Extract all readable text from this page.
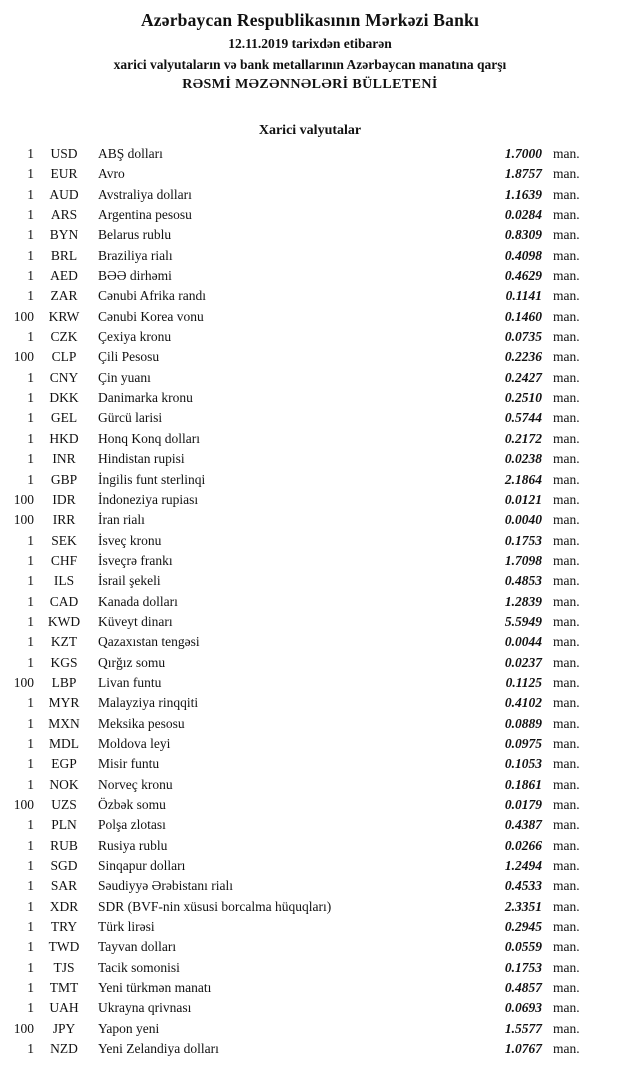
Azərbaycan Respublikasının Mərkəzi Bankı
12.11.2019 tarixdən etibarən
xarici valyutaların və bank metallarının Azərbaycan manatına qarşı
RƏSMİ MƏZƏNNƏLƏRİ BÜLLETENİ
Xarici valyutalar
1	USD	ABŞ dolları	1.7000 man.
1	EUR	Avro	1.8757 man.
1	AUD	Avstraliya dolları	1.1639 man.
1	ARS	Argentina pesosu	0.0284 man.
1	BYN	Belarus rublu	0.8309 man.
1	BRL	Braziliya rialı	0.4098 man.
1	AED	BƏƏ dirhəmi	0.4629 man.
1	ZAR	Cənubi Afrika randı	0.1141 man.
100	KRW	Cənubi Korea vonu	0.1460 man.
1	CZK	Çexiya kronu	0.0735 man.
100	CLP	Çili Pesosu	0.2236 man.
1	CNY	Çin yuanı	0.2427 man.
1	DKK	Danimarka kronu	0.2510 man.
1	GEL	Gürcü larisi	0.5744 man.
1	HKD	Honq Konq dolları	0.2172 man.
1	INR	Hindistan rupisi	0.0238 man.
1	GBP	İngilis funt sterlinqi	2.1864 man.
100	IDR	İndoneziya rupiası	0.0121 man.
100	IRR	İran rialı	0.0040 man.
1	SEK	İsveç kronu	0.1753 man.
1	CHF	İsveçrə frankı	1.7098 man.
1	ILS	İsrail şekeli	0.4853 man.
1	CAD	Kanada dolları	1.2839 man.
1	KWD	Küveyt dinarı	5.5949 man.
1	KZT	Qazaxıstan tengəsi	0.0044 man.
1	KGS	Qırğız somu	0.0237 man.
100	LBP	Livan funtu	0.1125 man.
1	MYR	Malayziya rinqqiti	0.4102 man.
1	MXN	Meksika pesosu	0.0889 man.
1	MDL	Moldova leyi	0.0975 man.
1	EGP	Misir funtu	0.1053 man.
1	NOK	Norveç kronu	0.1861 man.
100	UZS	Özbək somu	0.0179 man.
1	PLN	Polşa zlotası	0.4387 man.
1	RUB	Rusiya rublu	0.0266 man.
1	SGD	Sinqapur dolları	1.2494 man.
1	SAR	Səudiyyə Ərəbistanı rialı	0.4533 man.
1	XDR	SDR (BVF-nin xüsusi borcalma hüquqları)	2.3351 man.
1	TRY	Türk lirəsi	0.2945 man.
1	TWD	Tayvan dolları	0.0559 man.
1	TJS	Tacik somonisi	0.1753 man.
1	TMT	Yeni türkmən manatı	0.4857 man.
1	UAH	Ukrayna qrivnası	0.0693 man.
100	JPY	Yapon yeni	1.5577 man.
1	NZD	Yeni Zelandiya dolları	1.0767 man.
